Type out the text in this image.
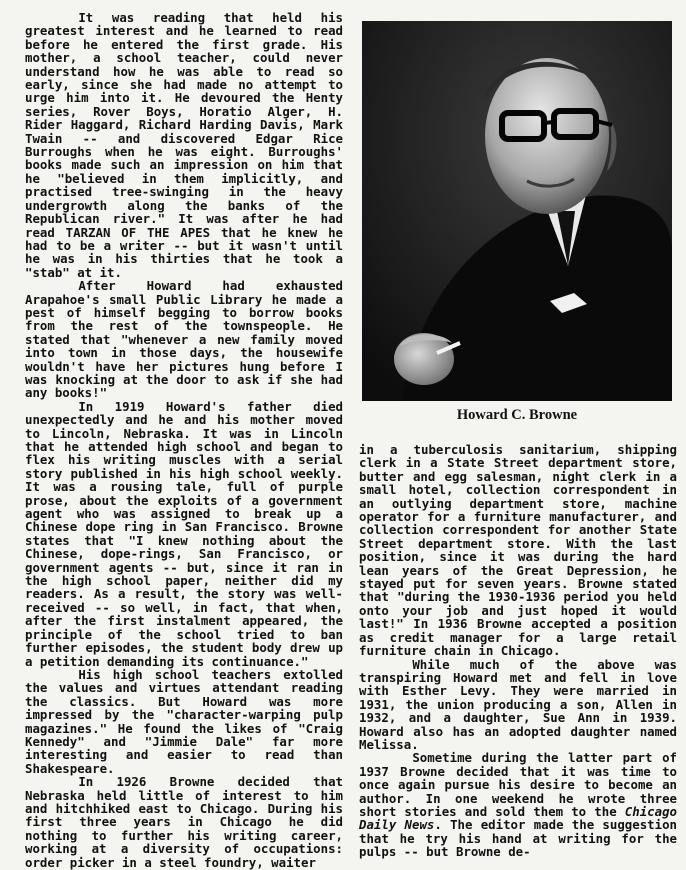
It was reading that held his greatest interest and he learned to read before he entered the first grade. His mother, a school teacher, could never understand how he was able to read so early, since she had made no attempt to urge him into it. He devoured the Henty series, Rover Boys, Horatio Alger, H. Rider Haggard, Richard Harding Davis, Mark Twain -- and discovered Edgar Rice Burroughs when he was eight. Burroughs' books made such an impression on him that he "believed in them implicitly, and practised tree-swinging in the heavy undergrowth along the banks of the Republican river." It was after he had read TARZAN OF THE APES that he knew he had to be a writer -- but it wasn't until he was in his thirties that he took a "stab" at it.

After Howard had exhausted Arapahoe's small Public Library he made a pest of himself begging to borrow books from the rest of the townspeople. He stated that "whenever a new family moved into town in those days, the housewife wouldn't have her pictures hung before I was knocking at the door to ask if she had any books!"

In 1919 Howard's father died unexpectedly and he and his mother moved to Lincoln, Nebraska. It was in Lincoln that he attended high school and began to flex his writing muscles with a serial story published in his high school weekly. It was a rousing tale, full of purple prose, about the exploits of a government agent who was assigned to break up a Chinese dope ring in San Francisco. Browne states that "I knew nothing about the Chinese, dope-rings, San Francisco, or government agents -- but, since it ran in the high school paper, neither did my readers. As a result, the story was well-received -- so well, in fact, that when, after the first instalment appeared, the principle of the school tried to ban further episodes, the student body drew up a petition demanding its continuance."

His high school teachers extolled the values and virtues attendant reading the classics. But Howard was more impressed by the "character-warping pulp magazines." He found the likes of "Craig Kennedy" and "Jimmie Dale" far more interesting and easier to read than Shakespeare.

In 1926 Browne decided that Nebraska held little of interest to him and hitchhiked east to Chicago. During his first three years in Chicago he did nothing to further his writing career, working at a diversity of occupations: order picker in a steel foundry, waiter

Howard C. Browne

in a tuberculosis sanitarium, shipping clerk in a State Street department store, butter and egg salesman, night clerk in a small hotel, collection correspondent in an outlying department store, machine operator for a furniture manufacturer, and collection correspondent for another State Street department store. With the last position, since it was during the hard lean years of the Great Depression, he stayed put for seven years. Browne stated that "during the 1930-1936 period you held onto your job and just hoped it would last!" In 1936 Browne accepted a position as credit manager for a large retail furniture chain in Chicago.

While much of the above was transpiring Howard met and fell in love with Esther Levy. They were married in 1931, the union producing a son, Allen in 1932, and a daughter, Sue Ann in 1939. Howard also has an adopted daughter named Melissa.

Sometime during the latter part of 1937 Browne decided that it was time to once again pursue his desire to become an author. In one weekend he wrote three short stories and sold them to the Chicago Daily News. The editor made the suggestion that he try his hand at writing for the pulps -- but Browne de-
